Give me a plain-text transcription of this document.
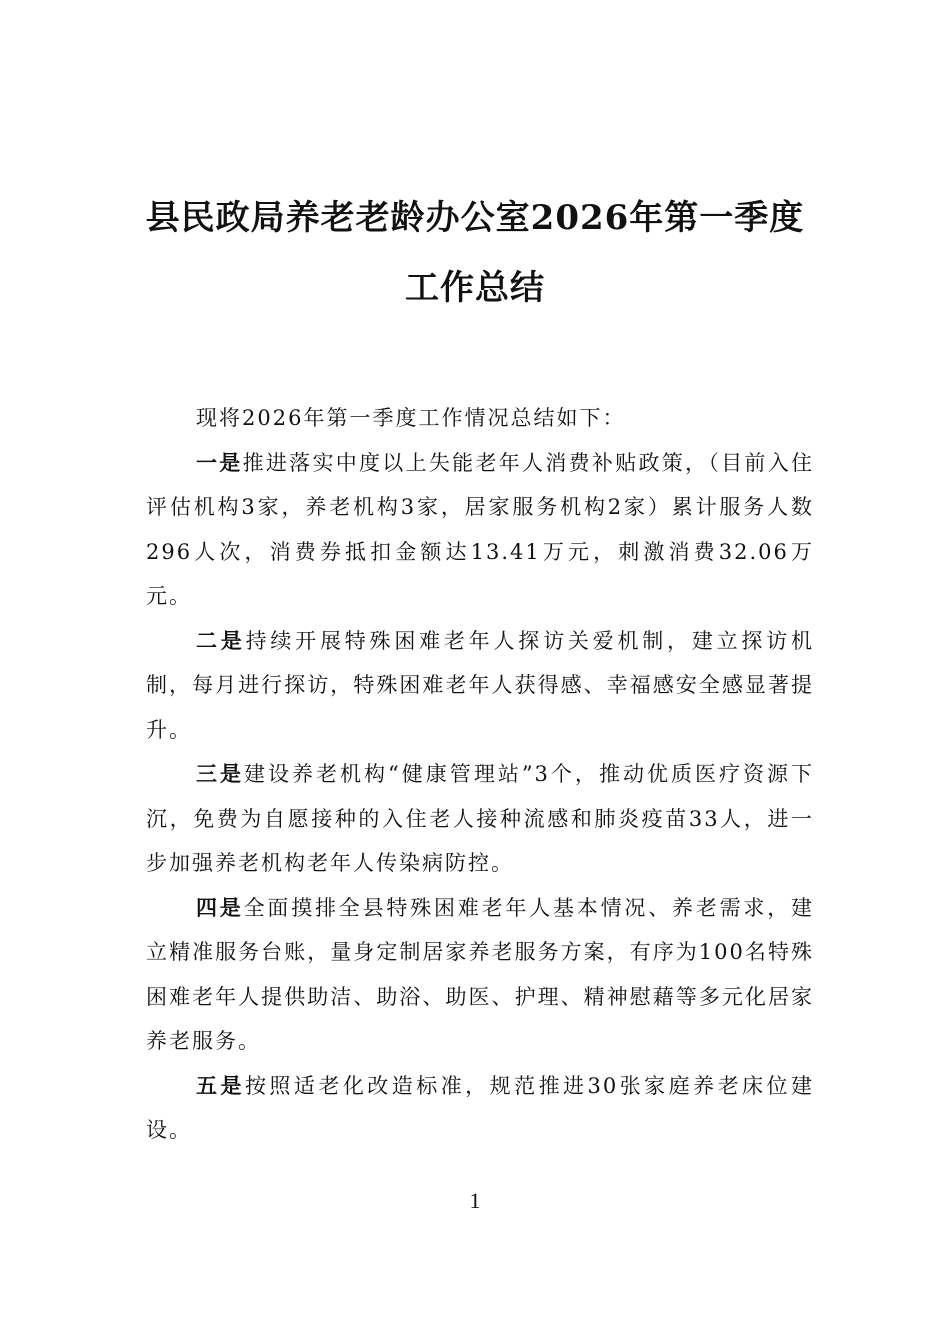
县民政局养老老龄办公室2026年第一季度
工作总结

现将2026年第一季度工作情况总结如下：

一是推进落实中度以上失能老年人消费补贴政策，（目前入住评估机构3家，养老机构3家，居家服务机构2家）累计服务人数296人次，消费券抵扣金额达13.41万元，刺激消费32.06万元。

二是持续开展特殊困难老年人探访关爱机制，建立探访机制，每月进行探访，特殊困难老年人获得感、幸福感安全感显著提升。

三是建设养老机构“健康管理站”3个，推动优质医疗资源下沉，免费为自愿接种的入住老人接种流感和肺炎疫苗33人，进一步加强养老机构老年人传染病防控。

四是全面摸排全县特殊困难老年人基本情况、养老需求，建立精准服务台账，量身定制居家养老服务方案，有序为100名特殊困难老年人提供助洁、助浴、助医、护理、精神慰藉等多元化居家养老服务。

五是按照适老化改造标准，规范推进30张家庭养老床位建设。

1
